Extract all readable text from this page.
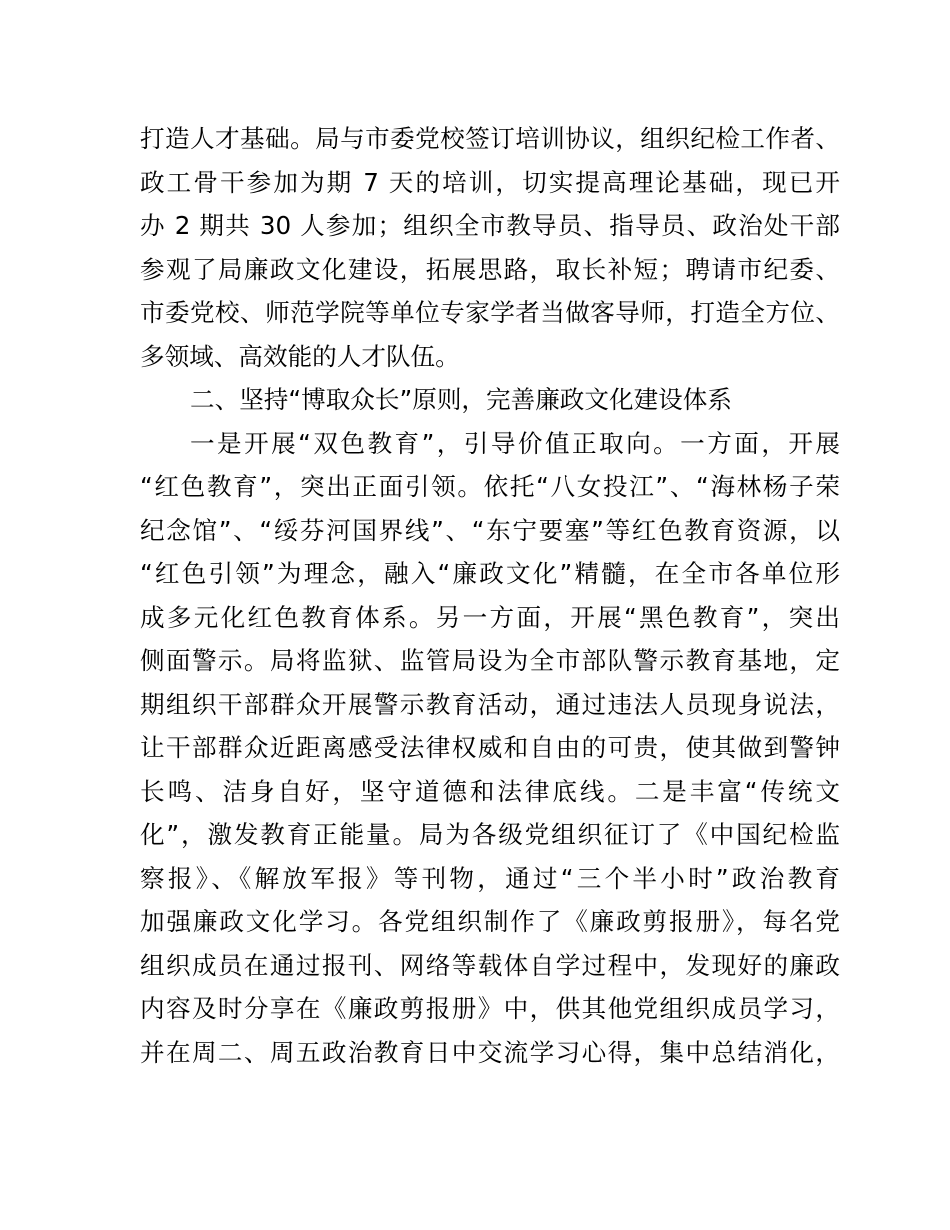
打造人才基础。局与市委党校签订培训协议，组织纪检工作者、
政工骨干参加为期 7 天的培训，切实提高理论基础，现已开
办 2 期共 30 人参加；组织全市教导员、指导员、政治处干部
参观了局廉政文化建设，拓展思路，取长补短；聘请市纪委、
市委党校、师范学院等单位专家学者当做客导师，打造全方位、
多领域、高效能的人才队伍。
二、坚持“博取众长”原则，完善廉政文化建设体系
一是开展“双色教育”，引导价值正取向。一方面，开展
“红色教育”，突出正面引领。依托“八女投江”、“海林杨子荣
纪念馆”、“绥芬河国界线”、“东宁要塞”等红色教育资源，以
“红色引领”为理念，融入“廉政文化”精髓，在全市各单位形
成多元化红色教育体系。另一方面，开展“黑色教育”，突出
侧面警示。局将监狱、监管局设为全市部队警示教育基地，定
期组织干部群众开展警示教育活动，通过违法人员现身说法，
让干部群众近距离感受法律权威和自由的可贵，使其做到警钟
长鸣、洁身自好，坚守道德和法律底线。二是丰富“传统文
化”，激发教育正能量。局为各级党组织征订了《中国纪检监
察报》、《解放军报》等刊物，通过“三个半小时”政治教育
加强廉政文化学习。各党组织制作了《廉政剪报册》，每名党
组织成员在通过报刊、网络等载体自学过程中，发现好的廉政
内容及时分享在《廉政剪报册》中，供其他党组织成员学习，
并在周二、周五政治教育日中交流学习心得，集中总结消化，
